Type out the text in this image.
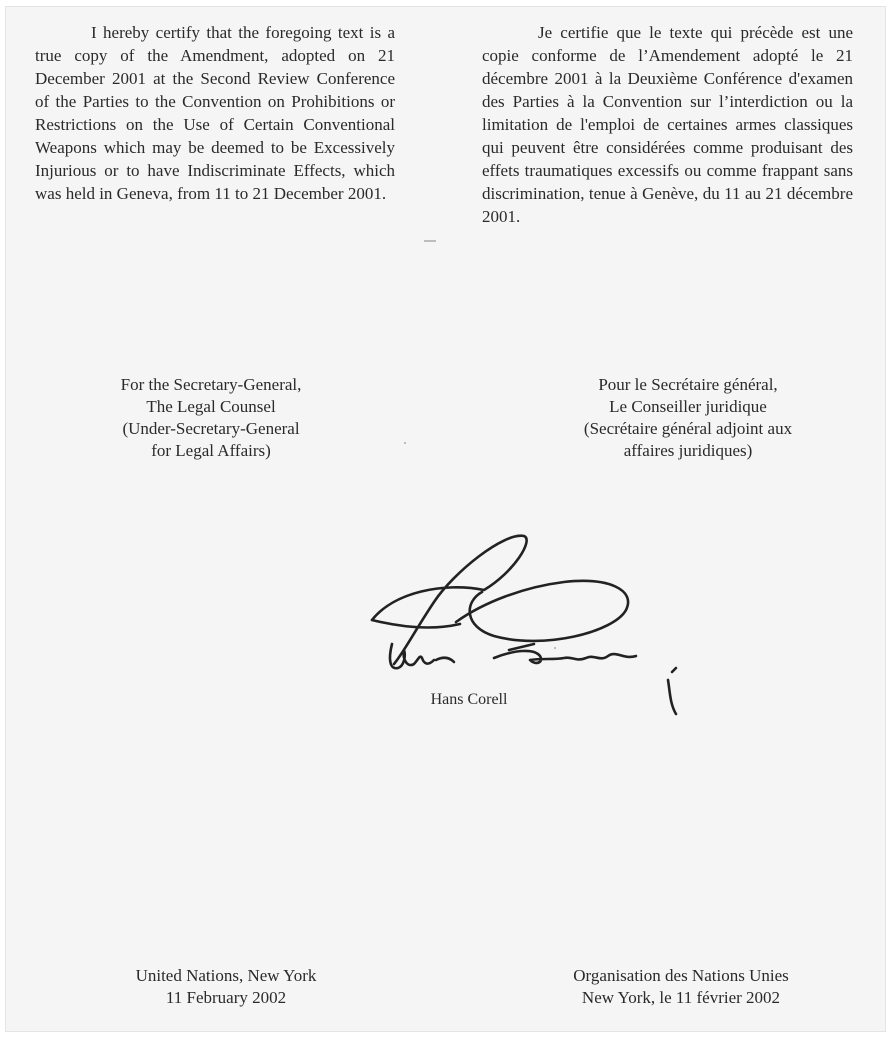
I hereby certify that the foregoing text is a true copy of the Amendment, adopted on 21 December 2001 at the Second Review Conference of the Parties to the Convention on Prohibitions or Restrictions on the Use of Certain Conventional Weapons which may be deemed to be Excessively Injurious or to have Indiscriminate Effects, which was held in Geneva, from 11 to 21 December 2001.

Je certifie que le texte qui précède est une copie conforme de l’Amendement adopté le 21 décembre 2001 à la Deuxième Conférence d'examen des Parties à la Convention sur l’interdiction ou la limitation de l'emploi de certaines armes classiques qui peuvent être considérées comme produisant des effets traumatiques excessifs ou comme frappant sans discrimination, tenue à Genève, du 11 au 21 décembre 2001.

For the Secretary-General,
The Legal Counsel
(Under-Secretary-General
for Legal Affairs)
Pour le Secrétaire général,
Le Conseiller juridique
(Secrétaire général adjoint aux
affaires juridiques)
Hans Corell
United Nations, New York
11 February 2002
Organisation des Nations Unies
New York, le 11 février 2002
